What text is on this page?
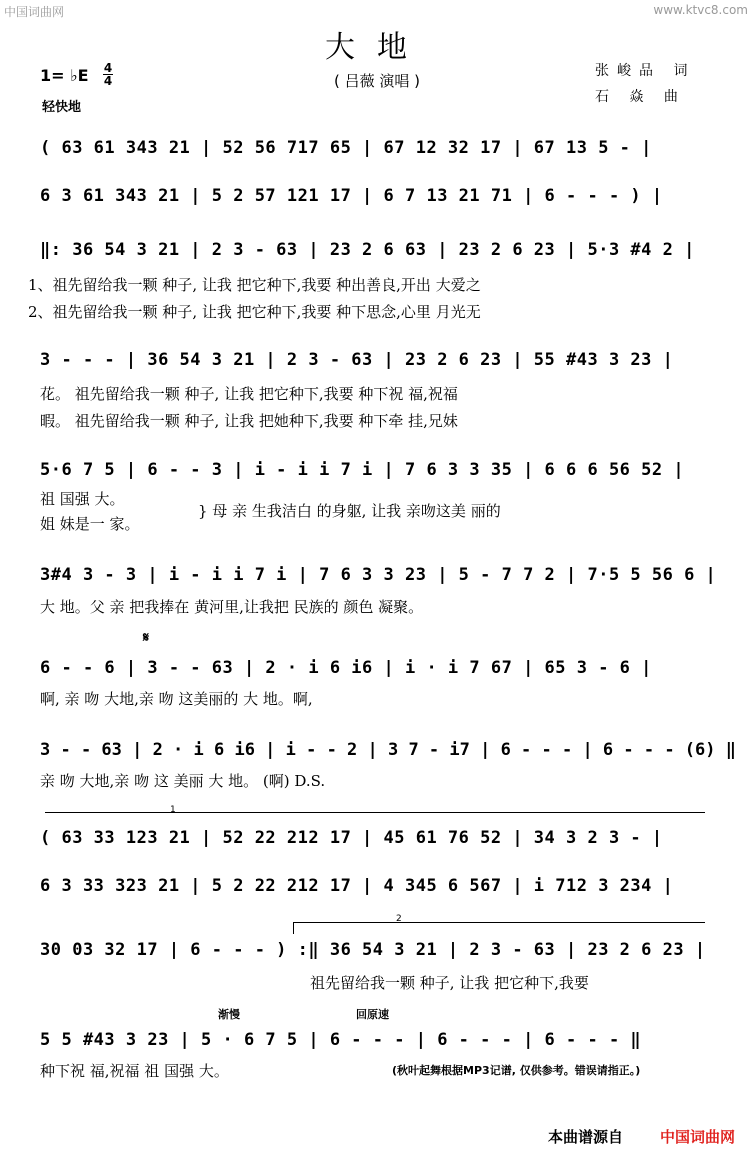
中国词曲网	www.ktvc8.com
大地
( 吕薇 演唱 )
张峻品 词
石 焱 曲
1= ♭E 4
4
轻快地
( 63 61 343 21 | 52 56 717 65 | 67 12 32 17 | 67 13 5 - |
6 3 61 343 21 | 5 2 57 121 17 | 6 7 13 21 71 | 6 - - - ) |
‖: 36 54 3 21 | 2 3 - 63 | 23 2 6 63 | 23 2 6 23 | 5·3 #4 2 |
1、祖先留给我一颗 种子, 让我 把它种下,我要 种出善良,开出 大爱之
2、祖先留给我一颗 种子, 让我 把它种下,我要 种下思念,心里 月光无
3 - - - | 36 54 3 21 | 2 3 - 63 | 23 2 6 23 | 55 #43 3 23 |
花。 祖先留给我一颗 种子, 让我 把它种下,我要 种下祝 福,祝福
暇。 祖先留给我一颗 种子, 让我 把她种下,我要 种下牵 挂,兄妹
5·6 7 5 | 6 - - 3 | i - i i 7 i | 7 6 3 3 35 | 6 6 6 56 52 |
祖 国强 大。
姐 妹是一 家。
} 母 亲 生我洁白 的身躯, 让我 亲吻这美 丽的
3#4 3 - 3 | i - i i 7 i | 7 6 3 3 23 | 5 - 7 7 2 | 7·5 5 56 6 |
大 地。父 亲 把我捧在 黄河里,让我把 民族的 颜色 凝聚。
𝄋
6 - - 6 | 3 - - 63 | 2 · i 6 i6 | i · i 7 67 | 65 3 - 6 |
啊, 亲 吻 大地,亲 吻 这美丽的 大 地。啊,
3 - - 63 | 2 · i 6 i6 | i - - 2 | 3 7 - i7 | 6 - - - | 6 - - - (6) ‖
亲 吻 大地,亲 吻 这 美丽 大 地。 (啊) D.S.
1
( 63 33 123 21 | 52 22 212 17 | 45 61 76 52 | 34 3 2 3 - |
6 3 33 323 21 | 5 2 22 212 17 | 4 345 6 567 | i 712 3 234 |
2
30 03 32 17 | 6 - - - ) :‖ 36 54 3 21 | 2 3 - 63 | 23 2 6 23 |
祖先留给我一颗 种子, 让我 把它种下,我要
渐慢	回原速
5 5 #43 3 23 | 5 · 6 7 5 | 6 - - - | 6 - - - | 6 - - - ‖
种下祝 福,祝福 祖 国强 大。	(秋叶起舞根据MP3记谱, 仅供参考。错误请指正。)
本曲谱源自 中国词曲网
